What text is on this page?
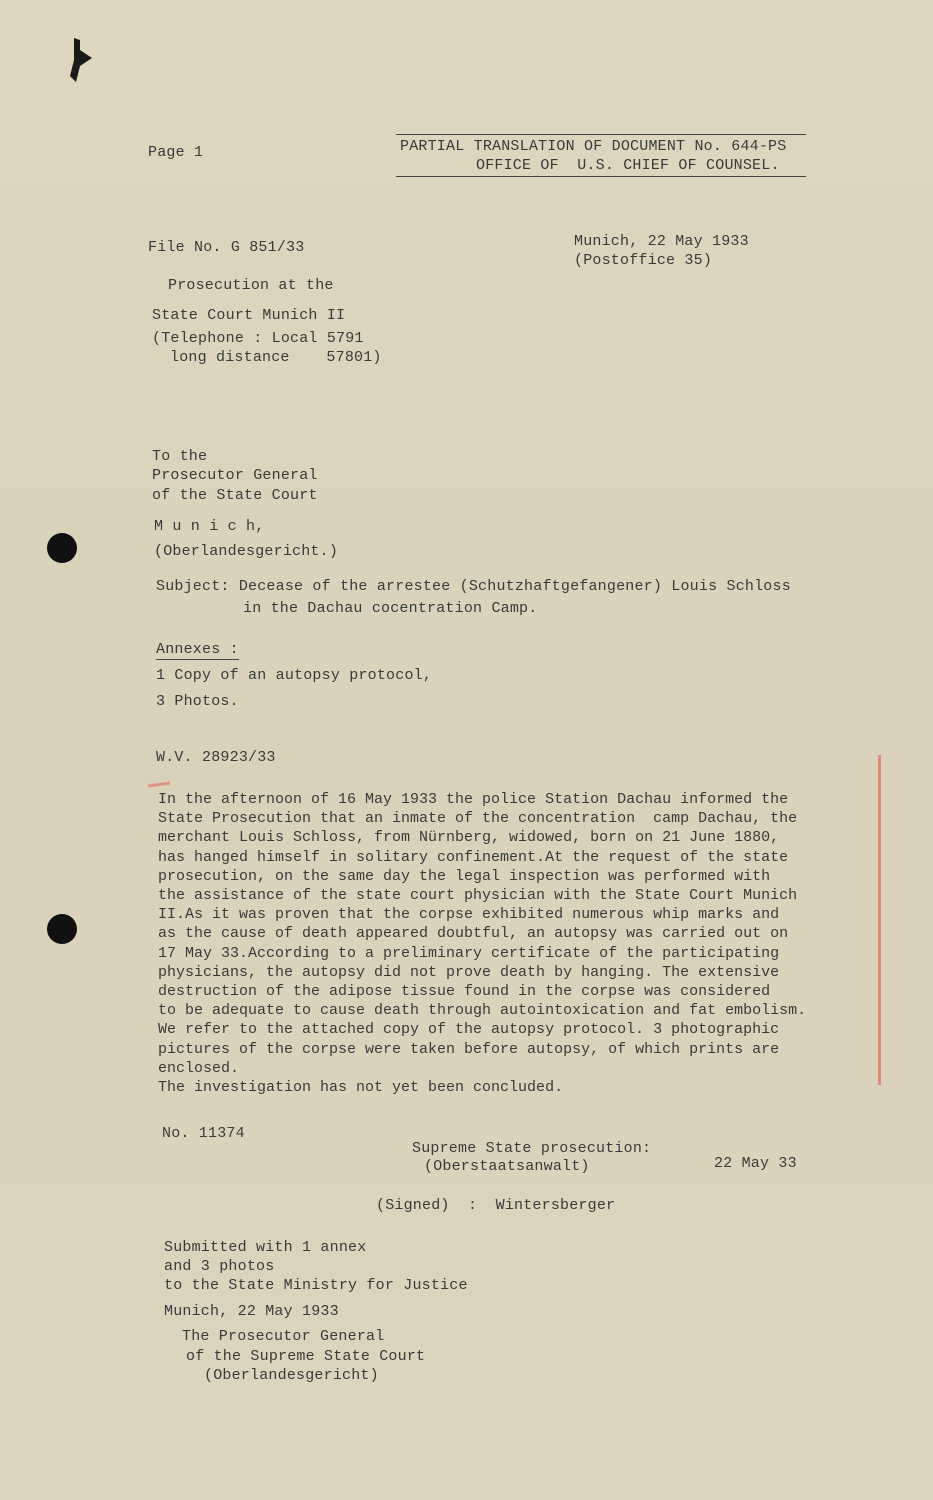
Page 1	PARTIAL TRANSLATION OF DOCUMENT No. 644-PS
OFFICE OF  U.S. CHIEF OF COUNSEL.
File No. G 851/33
Prosecution at the
State Court Munich II
(Telephone : Local 5791
long distance    57801)
Munich, 22 May 1933
(Postoffice 35)
To the
Prosecutor General
of the State Court
M u n i c h,
(Oberlandesgericht.)
Subject: Decease of the arrestee (Schutzhaftgefangener) Louis Schloss
in the Dachau cocentration Camp.
Annexes :
1 Copy of an autopsy protocol,
3 Photos.
W.V. 28923/33
In the afternoon of 16 May 1933 the police Station Dachau informed the
State Prosecution that an inmate of the concentration  camp Dachau, the
merchant Louis Schloss, from Nürnberg, widowed, born on 21 June 1880,
has hanged himself in solitary confinement.At the request of the state
prosecution, on the same day the legal inspection was performed with
the assistance of the state court physician with the State Court Munich
II.As it was proven that the corpse exhibited numerous whip marks and
as the cause of death appeared doubtful, an autopsy was carried out on
17 May 33.According to a preliminary certificate of the participating
physicians, the autopsy did not prove death by hanging. The extensive
destruction of the adipose tissue found in the corpse was considered
to be adequate to cause death through autointoxication and fat embolism.
We refer to the attached copy of the autopsy protocol. 3 photographic
pictures of the corpse were taken before autopsy, of which prints are
enclosed.
The investigation has not yet been concluded.
No. 11374
Supreme State prosecution:
(Oberstaatsanwalt)	22 May 33
(Signed)  :  Wintersberger
Submitted with 1 annex
and 3 photos
to the State Ministry for Justice
Munich, 22 May 1933
The Prosecutor General
of the Supreme State Court
(Oberlandesgericht)
